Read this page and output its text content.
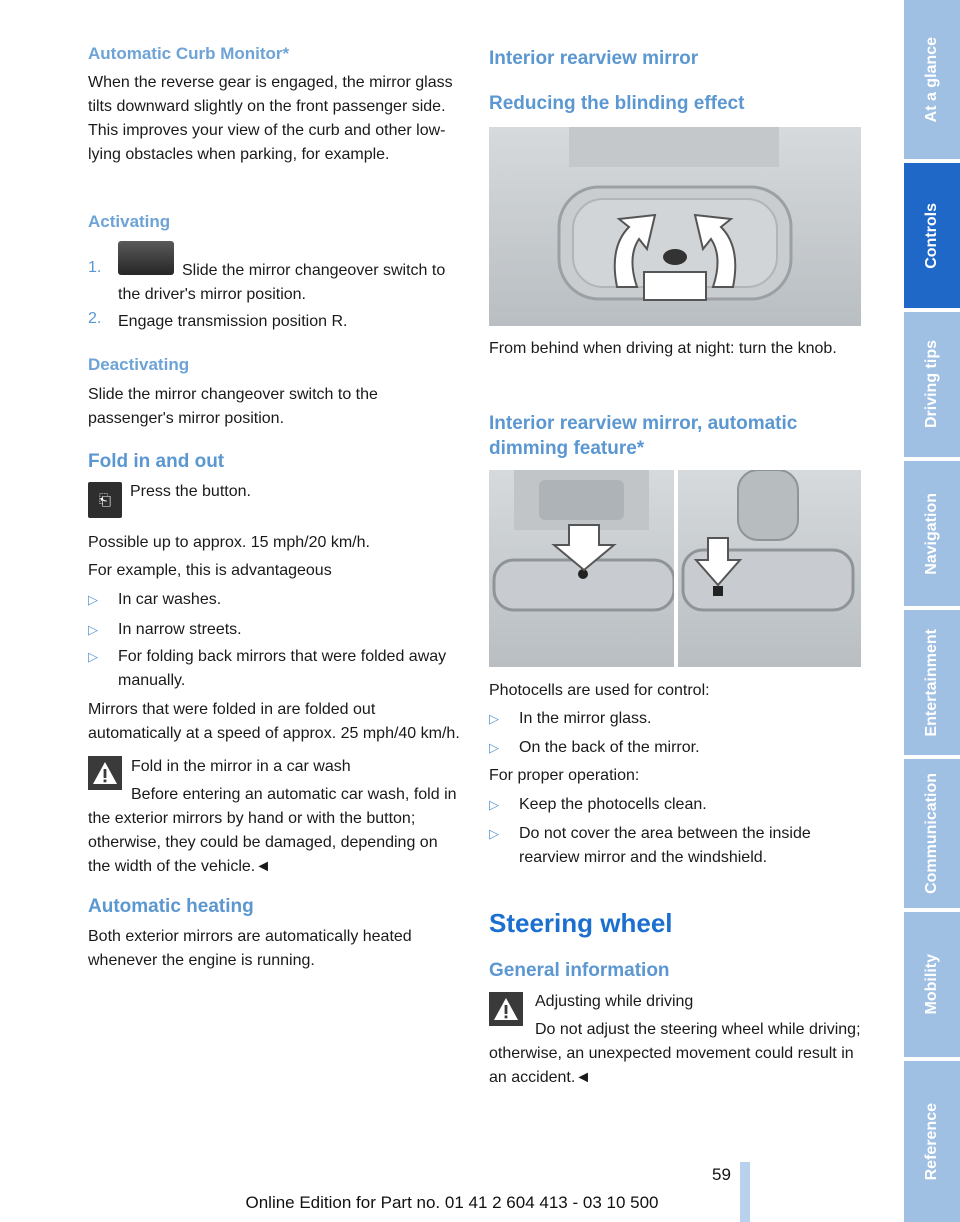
Automatic Curb Monitor*

When the reverse gear is engaged, the mirror glass tilts downward slightly on the front passenger side. This improves your view of the curb and other low-lying obstacles when parking, for example.

Activating
1.	Slide the mirror changeover switch to the driver's mirror position.

2. Engage transmission position R.

Deactivating

Slide the mirror changeover switch to the passenger's mirror position.

Fold in and out
⎗	Press the button.

Possible up to approx. 15 mph/20 km/h.

For example, this is advantageous

▷ In car washes.

▷ In narrow streets.

▷ For folding back mirrors that were folded away manually.

Mirrors that were folded in are folded out automatically at a speed of approx. 25 mph/40 km/h.

Fold in the mirror in a car wash

Before entering an automatic car wash, fold in the exterior mirrors by hand or with the button; otherwise, they could be damaged, depending on the width of the vehicle.◄

Automatic heating

Both exterior mirrors are automatically heated whenever the engine is running.

Interior rearview mirror
Reducing the blinding effect

From behind when driving at night: turn the knob.

Interior rearview mirror, automatic dimming feature*

Photocells are used for control:

▷ In the mirror glass.

▷ On the back of the mirror.

For proper operation:

▷ Keep the photocells clean.

▷ Do not cover the area between the inside rearview mirror and the windshield.

Steering wheel
General information

Adjusting while driving

Do not adjust the steering wheel while driving; otherwise, an unexpected movement could result in an accident.◄

At a glance
Controls
Driving tips
Navigation
Entertainment
Communication
Mobility
Reference
59
Online Edition for Part no. 01 41 2 604 413 - 03 10 500
